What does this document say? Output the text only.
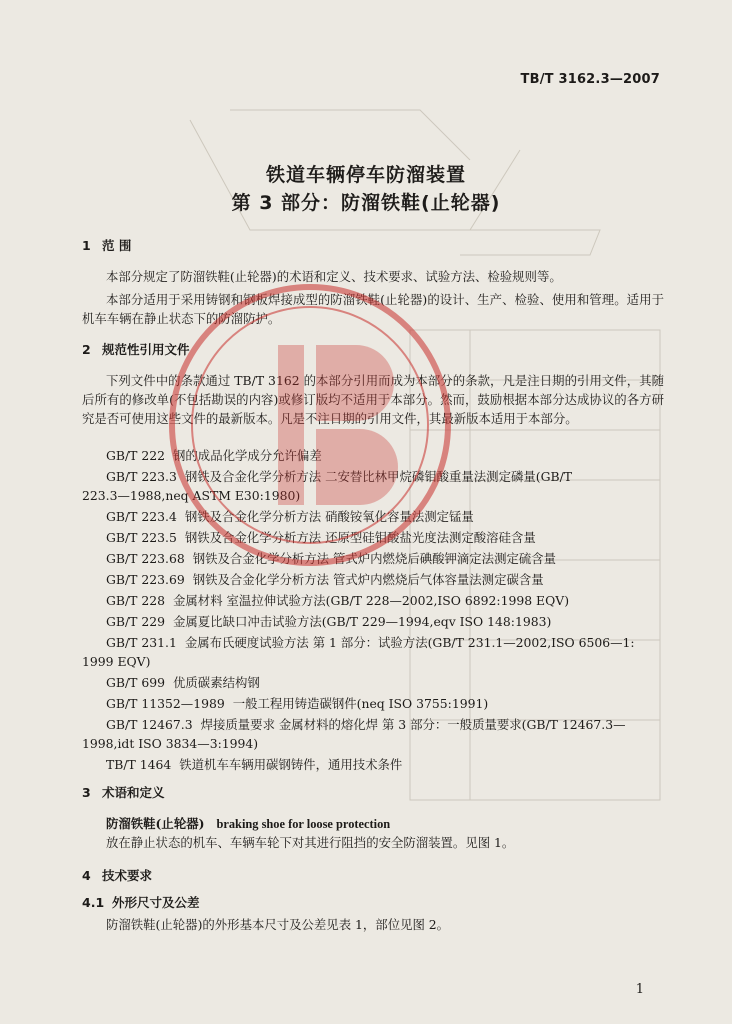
TB/T 3162.3—2007
铁道车辆停车防溜装置
第 3 部分：防溜铁鞋(止轮器)
1 范 围
本部分规定了防溜铁鞋(止轮器)的术语和定义、技术要求、试验方法、检验规则等。
本部分适用于采用铸钢和钢板焊接成型的防溜铁鞋(止轮器)的设计、生产、检验、使用和管理。适用于机车车辆在静止状态下的防溜防护。
2 规范性引用文件
下列文件中的条款通过 TB/T 3162 的本部分引用而成为本部分的条款，凡是注日期的引用文件，其随后所有的修改单(不包括勘误的内容)或修订版均不适用于本部分。然而，鼓励根据本部分达成协议的各方研究是否可使用这些文件的最新版本。凡是不注日期的引用文件，其最新版本适用于本部分。
GB/T 222 钢的成品化学成分允许偏差
GB/T 223.3 钢铁及合金化学分析方法 二安替比林甲烷磷钼酸重量法测定磷量(GB/T
223.3—1988,neq ASTM E30:1980)
GB/T 223.4 钢铁及合金化学分析方法 硝酸铵氧化容量法测定锰量
GB/T 223.5 钢铁及合金化学分析方法 还原型硅钼酸盐光度法测定酸溶硅含量
GB/T 223.68 钢铁及合金化学分析方法 管式炉内燃烧后碘酸钾滴定法测定硫含量
GB/T 223.69 钢铁及合金化学分析方法 管式炉内燃烧后气体容量法测定碳含量
GB/T 228 金属材料 室温拉伸试验方法(GB/T 228—2002,ISO 6892:1998 EQV)
GB/T 229 金属夏比缺口冲击试验方法(GB/T 229—1994,eqv ISO 148:1983)
GB/T 231.1 金属布氏硬度试验方法 第 1 部分：试验方法(GB/T 231.1—2002,ISO 6506—1:
1999 EQV)
GB/T 699 优质碳素结构钢
GB/T 11352—1989 一般工程用铸造碳钢件(neq ISO 3755:1991)
GB/T 12467.3 焊接质量要求 金属材料的熔化焊 第 3 部分：一般质量要求(GB/T 12467.3—
1998,idt ISO 3834—3:1994)
TB/T 1464 铁道机车车辆用碳钢铸件，通用技术条件
3 术语和定义
防溜铁鞋(止轮器) braking shoe for loose protection
放在静止状态的机车、车辆车轮下对其进行阻挡的安全防溜装置。见图 1。
4 技术要求
4.1 外形尺寸及公差
防溜铁鞋(止轮器)的外形基本尺寸及公差见表 1，部位见图 2。
1
